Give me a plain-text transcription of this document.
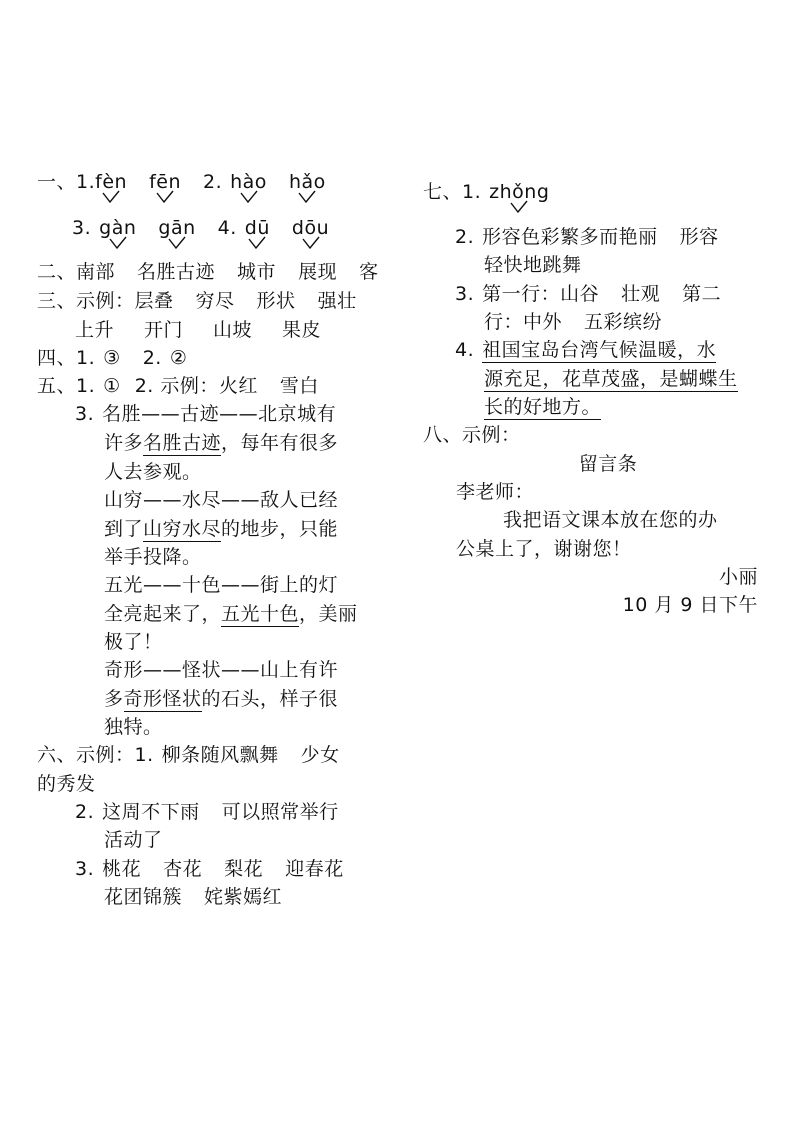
一、1.fèn fēn 2. hào hǎo
3. gàn gān 4. dū dōu
二、南部 名胜古迹 城市 展现 客
三、示例：层叠 穷尽 形状 强壮
上升 开门 山坡 果皮
四、1. ③ 2. ②
五、1. ① 2. 示例：火红 雪白
3. 名胜——古迹——北京城有
许多名胜古迹，每年有很多
人去参观。
山穷——水尽——敌人已经
到了山穷水尽的地步，只能
举手投降。
五光——十色——街上的灯
全亮起来了，五光十色，美丽
极了！
奇形——怪状——山上有许
多奇形怪状的石头，样子很
独特。
六、示例：1. 柳条随风飘舞 少女
的秀发
2. 这周不下雨 可以照常举行
活动了
3. 桃花 杏花 梨花 迎春花
花团锦簇 姹紫嫣红
七、1. zhǒng
2. 形容色彩繁多而艳丽 形容
轻快地跳舞
3. 第一行：山谷 壮观 第二
行：中外 五彩缤纷
4. 祖国宝岛台湾气候温暖，水
源充足，花草茂盛，是蝴蝶生
长的好地方。
八、示例：
留言条
李老师：
我把语文课本放在您的办
公桌上了，谢谢您！
小丽
10 月 9 日下午
